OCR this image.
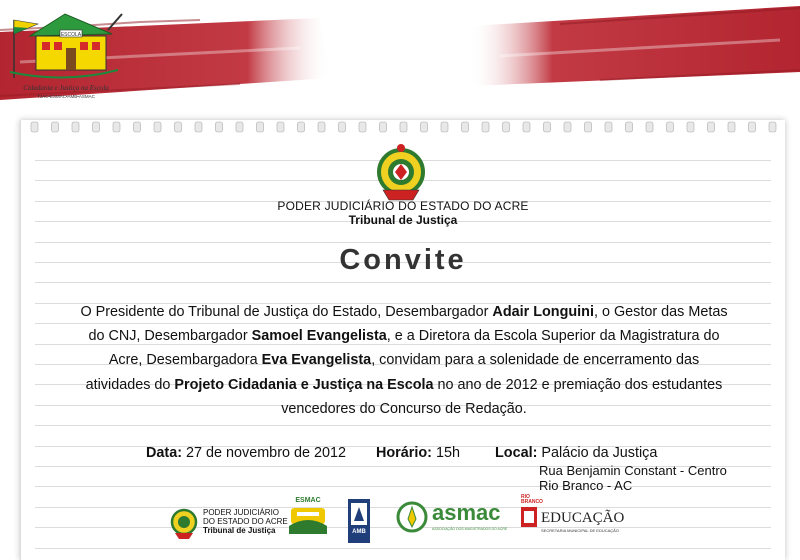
ESCOLA
Cidadania e Justiça na Escola
TJAC•ESMAC•AMB•ASMAC
PODER JUDICIÁRIO DO ESTADO DO ACRE
Tribunal de Justiça
Convite
O Presidente do Tribunal de Justiça do Estado, Desembargador Adair Longuini, o Gestor das Metas do CNJ, Desembargador Samoel Evangelista, e a Diretora da Escola Superior da Magistratura do Acre, Desembargadora Eva Evangelista, convidam para a solenidade de encerramento das atividades do Projeto Cidadania e Justiça na Escola no ano de 2012 e premiação dos estudantes vencedores do Concurso de Redação.
Data: 27 de novembro de 2012 Horário: 15h Local: Palácio da Justiça
Rua Benjamin Constant - Centro
Rio Branco - AC
PODER JUDICIÁRIO
DO ESTADO DO ACRE
Tribunal de Justiça
ESMAC
AMB
asmac
ASSOCIAÇÃO DOS MAGISTRADOS DO ACRE
RIO
BRANCO
EDUCAÇÃO
SECRETARIA MUNICIPAL DE EDUCAÇÃO
